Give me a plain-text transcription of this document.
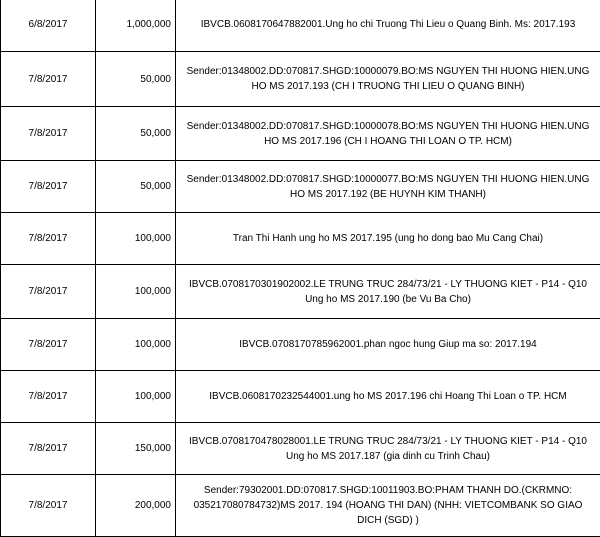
6/8/2017	1,000,000	IBVCB.0608170647882001.Ung ho chi Truong Thi Lieu o Quang Binh. Ms: 2017.193
7/8/2017	50,000	Sender:01348002.DD:070817.SHGD:10000079.BO:MS NGUYEN THI HUONG HIEN.UNG HO MS 2017.193 (CH I TRUONG THI LIEU O QUANG BINH)
7/8/2017	50,000	Sender:01348002.DD:070817.SHGD:10000078.BO:MS NGUYEN THI HUONG HIEN.UNG HO MS 2017.196 (CH I HOANG THI LOAN O TP. HCM)
7/8/2017	50,000	Sender:01348002.DD:070817.SHGD:10000077.BO:MS NGUYEN THI HUONG HIEN.UNG HO MS 2017.192 (BE HUYNH KIM THANH)
7/8/2017	100,000	Tran Thi Hanh ung ho MS 2017.195 (ung ho dong bao Mu Cang Chai)
7/8/2017	100,000	IBVCB.0708170301902002.LE TRUNG TRUC 284/73/21 - LY THUONG KIET - P14 - Q10 Ung ho MS 2017.190 (be Vu Ba Cho)
7/8/2017	100,000	IBVCB.0708170785962001.phan ngoc hung Giup ma so: 2017.194
7/8/2017	100,000	IBVCB.0608170232544001.ung ho MS 2017.196 chi Hoang Thi Loan o TP. HCM
7/8/2017	150,000	IBVCB.0708170478028001.LE TRUNG TRUC 284/73/21 - LY THUONG KIET - P14 - Q10 Ung ho MS 2017.187 (gia dinh cu Trinh Chau)
7/8/2017	200,000	Sender:79302001.DD:070817.SHGD:10011903.BO:PHAM THANH DO.(CKRMNO: 035217080784732)MS 2017. 194 (HOANG THI DAN) (NHH: VIETCOMBANK SO GIAO DICH (SGD) )
